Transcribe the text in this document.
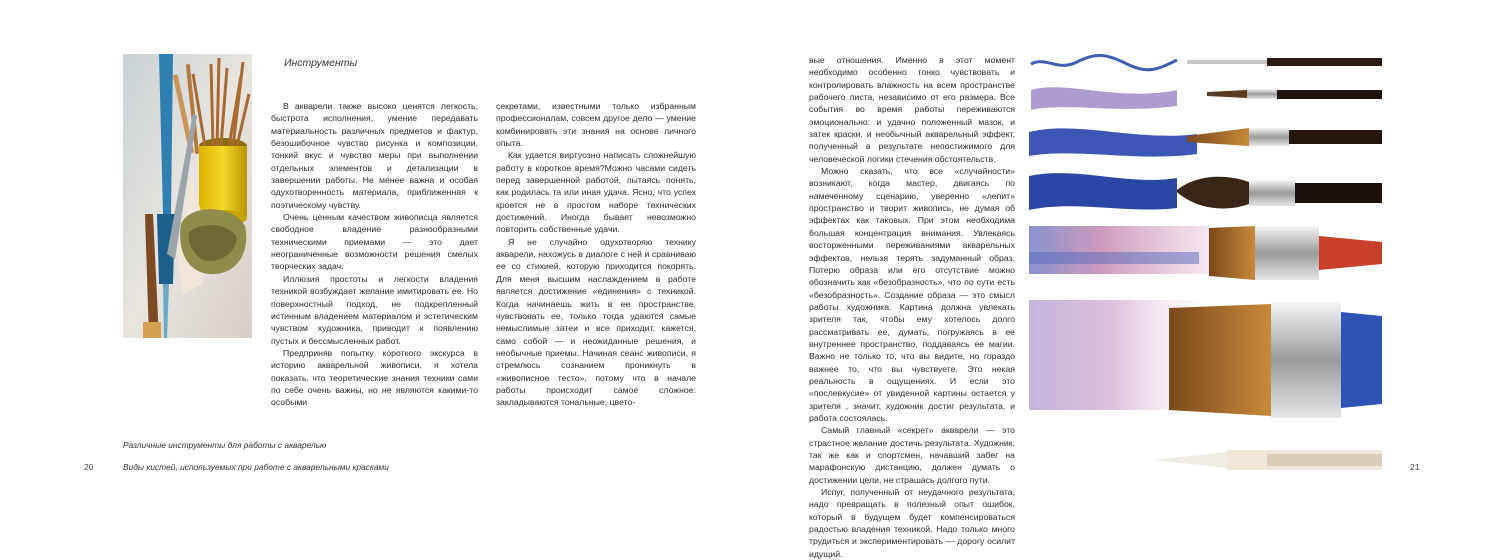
Инструменты

В акварели также высоко ценятся легкость, быстрота исполнения, умение передавать материальность различных предметов и фактур, безошибочное чувство рисунка и композиции, тонкий вкус и чувство меры при выполнении отдельных элементов и детализации в завершении работы. Не менее важна и особая одухотворенность материала, приближенная к поэтическому чувству.

Очень ценным качеством живописца является свободное владение разнообразными техническими приемами — это дает неограниченные возможности решения смелых творческих задач.

Иллюзия простоты и легкости владения техникой возбуждает желание имитировать ее. Но поверхностный подход, не подкрепленный истинным владением материалом и эстетическим чувством художника, приводит к появлению пустых и бессмысленных работ.

Предприняв попытку короткого экскурса в историю акварельной живописи, я хотела показать, что теоретические знания техники сами по себе очень важны, но не являются какими-то особыми

секретами, известными только избранным профессионалам, совсем другое дело — умение комбинировать эти знания на основе личного опыта.

Как удается виртуозно написать сложнейшую работу в короткое время?Можно часами сидеть перед завершенной работой, пытаясь понять, как родилась та или иная удача. Ясно, что успех кроется не в простом наборе технических достижений. Иногда бывает невозможно повторить собственные удачи.

Я не случайно одухотворяю технику акварели, нахожусь в диалоге с ней и сравниваю ее со стихией, которую приходится покорять. Для меня высшим наслаждением в работе является достижение «единения» с техникой. Когда начинаешь жить в ее пространстве, чувствовать ее, только тогда удаются самые немыслимые затеи и все приходит, кажется, само собой — и неожиданные решения, и необычные приемы. Начиная сеанс живописи, я стремлюсь сознанием проникнуть в «живописное тесто», потому что в начале работы происходит самое сложное: закладываются тональные, цвето-

Различные инструменты для работы с акварелью
Виды кистей, используемых при работе с акварельными красками
20

вые отношения. Именно в этот момент необходимо особенно тонко чувствовать и контролировать влажность на всем пространстве рабочего листа, независимо от его размера. Все события во время работы переживаются эмоционально: и удачно положенный мазок, и затек краски, и необычный акварельный эффект, полученный в результате непостижимого для человеческой логики стечения обстоятельств.

Можно сказать, что все «случайности» возникают, когда мастер, двигаясь по намеченному сценарию, уверенно «лепит» пространство и творит живопись, не думая об эффектах как таковых. При этом необходима большая концентрация внимания. Увлекаясь восторженными переживаниями акварельных эффектов, нельзя терять задуманный образ. Потерю образа или его отсутствие можно обозначить как «безобразность», что по сути есть «безобразность». Создание образа — это смысл работы художника. Картина должна увлекать зрителя так, чтобы ему хотелось долго рассматривать ее, думать, погружаясь в ее внутреннее пространство, поддаваясь ее магии. Важно не только то, что вы видите, но гораздо важнее то, что вы чувствуете. Это некая реальность в ощущениях. И если это «послевкусие» от увиденной картины остается у зрителя , значит, художник достиг результата, и работа состоялась.

Самый главный «секрет» акварели — это страстное желание достичь результата. Художник, так же как и спортсмен, начавший забег на марафонскую дистанцию, должен думать о достижении цели, не страшась долгого пути.

Испуг, полученный от неудачного результата, надо превращать в полезный опыт ошибок, который в будущем будет компенсироваться радостью владения техникой. Надо только много трудиться и экспериментировать — дорогу осилит идущий.

21
